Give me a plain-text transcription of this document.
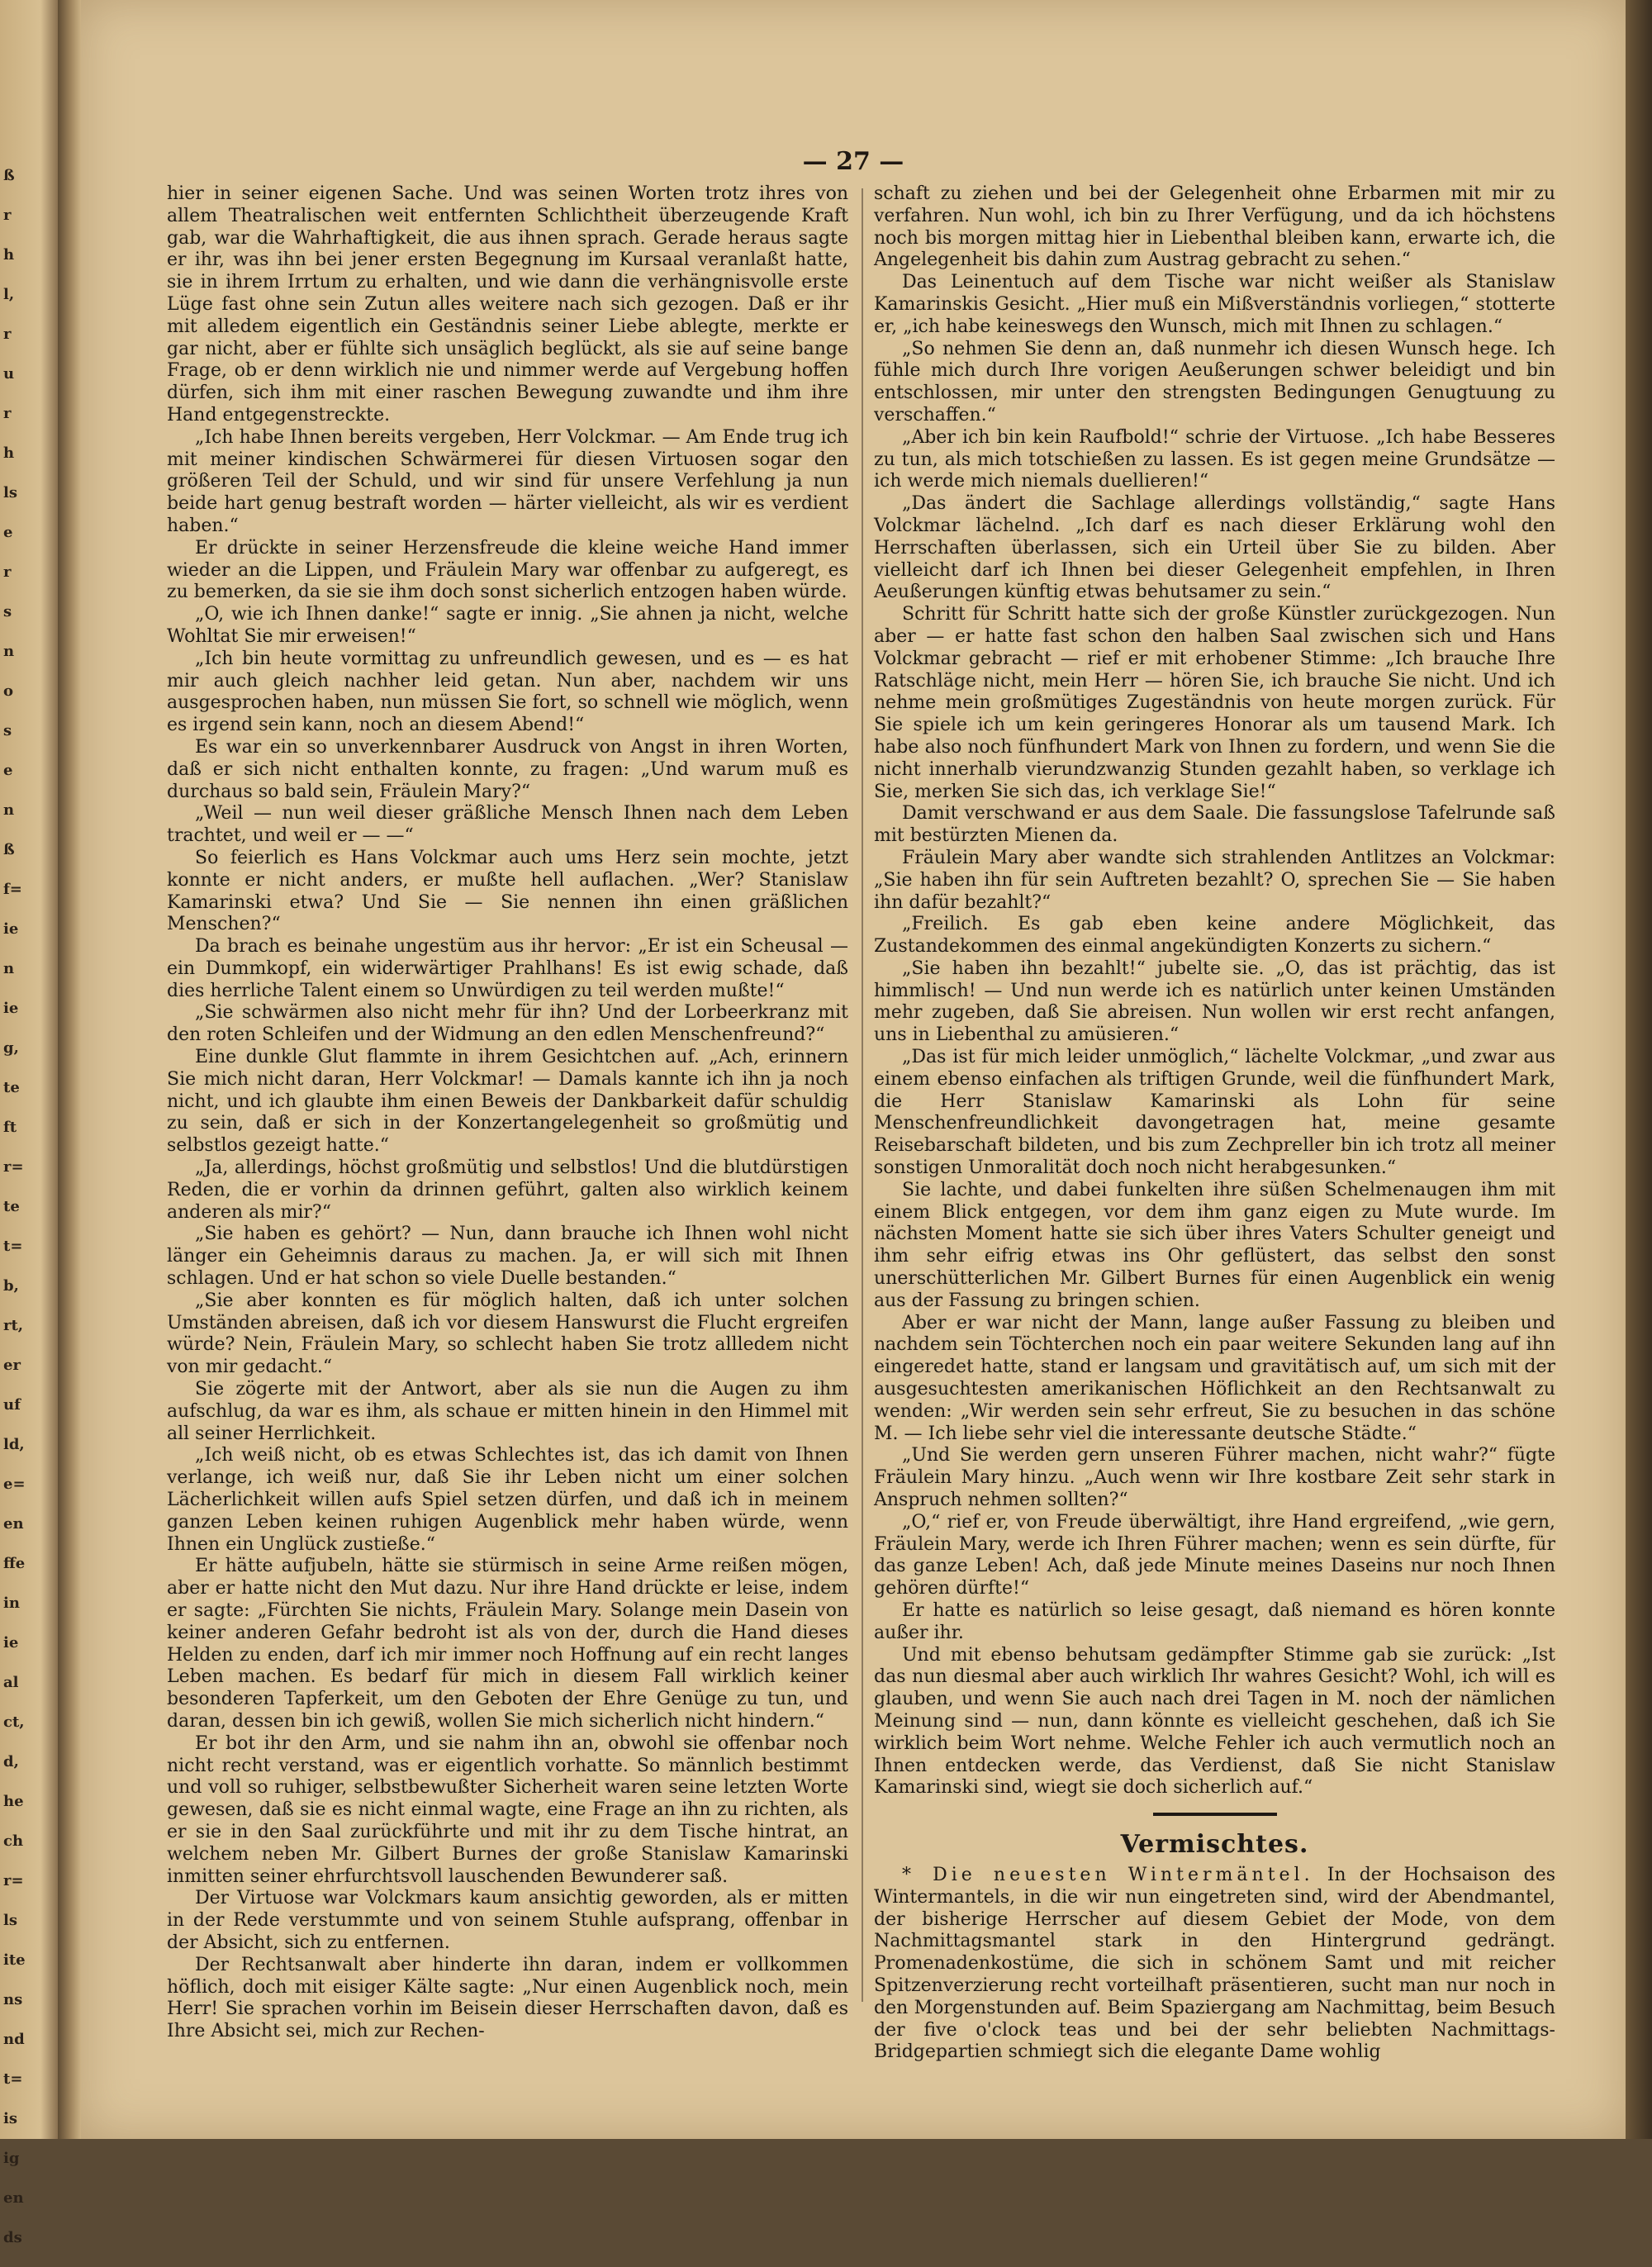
ß
r
h
l,
r
u
r
h
ls
e
r
s
n
o
s
e
n
ß
f=
ie
n
ie
g,
te
ft
r=
te
t=
b,
rt,
er
uf
ld,
e=
en
ffe
in
ie
al
ct,
d,
he
ch
r=
ls
ite
ns
nd
t=
is
ig
en
ds
— 27 —

hier in seiner eigenen Sache. Und was seinen Worten trotz ihres von allem Theatralischen weit entfernten Schlichtheit überzeugende Kraft gab, war die Wahrhaftigkeit, die aus ihnen sprach. Gerade heraus sagte er ihr, was ihn bei jener ersten Begegnung im Kursaal veranlaßt hatte, sie in ihrem Irrtum zu erhalten, und wie dann die verhängnisvolle erste Lüge fast ohne sein Zutun alles weitere nach sich gezogen. Daß er ihr mit alledem eigentlich ein Geständnis seiner Liebe ablegte, merkte er gar nicht, aber er fühlte sich unsäglich beglückt, als sie auf seine bange Frage, ob er denn wirklich nie und nimmer werde auf Vergebung hoffen dürfen, sich ihm mit einer raschen Bewegung zuwandte und ihm ihre Hand entgegenstreckte.

„Ich habe Ihnen bereits vergeben, Herr Volckmar. — Am Ende trug ich mit meiner kindischen Schwärmerei für diesen Virtuosen sogar den größeren Teil der Schuld, und wir sind für unsere Verfehlung ja nun beide hart genug bestraft worden — härter vielleicht, als wir es verdient haben.“

Er drückte in seiner Herzensfreude die kleine weiche Hand immer wieder an die Lippen, und Fräulein Mary war offenbar zu aufgeregt, es zu bemerken, da sie sie ihm doch sonst sicherlich entzogen haben würde.

„O, wie ich Ihnen danke!“ sagte er innig. „Sie ahnen ja nicht, welche Wohltat Sie mir erweisen!“

„Ich bin heute vormittag zu unfreundlich gewesen, und es — es hat mir auch gleich nachher leid getan. Nun aber, nachdem wir uns ausgesprochen haben, nun müssen Sie fort, so schnell wie möglich, wenn es irgend sein kann, noch an diesem Abend!“

Es war ein so unverkennbarer Ausdruck von Angst in ihren Worten, daß er sich nicht enthalten konnte, zu fragen: „Und warum muß es durchaus so bald sein, Fräulein Mary?“

„Weil — nun weil dieser gräßliche Mensch Ihnen nach dem Leben trachtet, und weil er — —“

So feierlich es Hans Volckmar auch ums Herz sein mochte, jetzt konnte er nicht anders, er mußte hell auflachen. „Wer? Stanislaw Kamarinski etwa? Und Sie — Sie nennen ihn einen gräßlichen Menschen?“

Da brach es beinahe ungestüm aus ihr hervor: „Er ist ein Scheusal — ein Dummkopf, ein widerwärtiger Prahlhans! Es ist ewig schade, daß dies herrliche Talent einem so Unwürdigen zu teil werden mußte!“

„Sie schwärmen also nicht mehr für ihn? Und der Lorbeerkranz mit den roten Schleifen und der Widmung an den edlen Menschenfreund?“

Eine dunkle Glut flammte in ihrem Gesichtchen auf. „Ach, erinnern Sie mich nicht daran, Herr Volckmar! — Damals kannte ich ihn ja noch nicht, und ich glaubte ihm einen Beweis der Dankbarkeit dafür schuldig zu sein, daß er sich in der Konzertangelegenheit so großmütig und selbstlos gezeigt hatte.“

„Ja, allerdings, höchst großmütig und selbstlos! Und die blutdürstigen Reden, die er vorhin da drinnen geführt, galten also wirklich keinem anderen als mir?“

„Sie haben es gehört? — Nun, dann brauche ich Ihnen wohl nicht länger ein Geheimnis daraus zu machen. Ja, er will sich mit Ihnen schlagen. Und er hat schon so viele Duelle bestanden.“

„Sie aber konnten es für möglich halten, daß ich unter solchen Umständen abreisen, daß ich vor diesem Hanswurst die Flucht ergreifen würde? Nein, Fräulein Mary, so schlecht haben Sie trotz allledem nicht von mir gedacht.“

Sie zögerte mit der Antwort, aber als sie nun die Augen zu ihm aufschlug, da war es ihm, als schaue er mitten hinein in den Himmel mit all seiner Herrlichkeit.

„Ich weiß nicht, ob es etwas Schlechtes ist, das ich damit von Ihnen verlange, ich weiß nur, daß Sie ihr Leben nicht um einer solchen Lächerlichkeit willen aufs Spiel setzen dürfen, und daß ich in meinem ganzen Leben keinen ruhigen Augenblick mehr haben würde, wenn Ihnen ein Unglück zustieße.“

Er hätte aufjubeln, hätte sie stürmisch in seine Arme reißen mögen, aber er hatte nicht den Mut dazu. Nur ihre Hand drückte er leise, indem er sagte: „Fürchten Sie nichts, Fräulein Mary. Solange mein Dasein von keiner anderen Gefahr bedroht ist als von der, durch die Hand dieses Helden zu enden, darf ich mir immer noch Hoffnung auf ein recht langes Leben machen. Es bedarf für mich in diesem Fall wirklich keiner besonderen Tapferkeit, um den Geboten der Ehre Genüge zu tun, und daran, dessen bin ich gewiß, wollen Sie mich sicherlich nicht hindern.“

Er bot ihr den Arm, und sie nahm ihn an, obwohl sie offenbar noch nicht recht verstand, was er eigentlich vorhatte. So männlich bestimmt und voll so ruhiger, selbstbewußter Sicherheit waren seine letzten Worte gewesen, daß sie es nicht einmal wagte, eine Frage an ihn zu richten, als er sie in den Saal zurückführte und mit ihr zu dem Tische hintrat, an welchem neben Mr. Gilbert Burnes der große Stanislaw Kamarinski inmitten seiner ehrfurchtsvoll lauschenden Bewunderer saß.

Der Virtuose war Volckmars kaum ansichtig geworden, als er mitten in der Rede verstummte und von seinem Stuhle aufsprang, offenbar in der Absicht, sich zu entfernen.

Der Rechtsanwalt aber hinderte ihn daran, indem er vollkommen höflich, doch mit eisiger Kälte sagte: „Nur einen Augenblick noch, mein Herr! Sie sprachen vorhin im Beisein dieser Herrschaften davon, daß es Ihre Absicht sei, mich zur Rechen-

schaft zu ziehen und bei der Gelegenheit ohne Erbarmen mit mir zu verfahren. Nun wohl, ich bin zu Ihrer Verfügung, und da ich höchstens noch bis morgen mittag hier in Liebenthal bleiben kann, erwarte ich, die Angelegenheit bis dahin zum Austrag gebracht zu sehen.“

Das Leinentuch auf dem Tische war nicht weißer als Stanislaw Kamarinskis Gesicht. „Hier muß ein Mißverständnis vorliegen,“ stotterte er, „ich habe keineswegs den Wunsch, mich mit Ihnen zu schlagen.“

„So nehmen Sie denn an, daß nunmehr ich diesen Wunsch hege. Ich fühle mich durch Ihre vorigen Aeußerungen schwer beleidigt und bin entschlossen, mir unter den strengsten Bedingungen Genugtuung zu verschaffen.“

„Aber ich bin kein Raufbold!“ schrie der Virtuose. „Ich habe Besseres zu tun, als mich totschießen zu lassen. Es ist gegen meine Grundsätze — ich werde mich niemals duellieren!“

„Das ändert die Sachlage allerdings vollständig,“ sagte Hans Volckmar lächelnd. „Ich darf es nach dieser Erklärung wohl den Herrschaften überlassen, sich ein Urteil über Sie zu bilden. Aber vielleicht darf ich Ihnen bei dieser Gelegenheit empfehlen, in Ihren Aeußerungen künftig etwas behutsamer zu sein.“

Schritt für Schritt hatte sich der große Künstler zurückgezogen. Nun aber — er hatte fast schon den halben Saal zwischen sich und Hans Volckmar gebracht — rief er mit erhobener Stimme: „Ich brauche Ihre Ratschläge nicht, mein Herr — hören Sie, ich brauche Sie nicht. Und ich nehme mein großmütiges Zugeständnis von heute morgen zurück. Für Sie spiele ich um kein geringeres Honorar als um tausend Mark. Ich habe also noch fünfhundert Mark von Ihnen zu fordern, und wenn Sie die nicht innerhalb vierundzwanzig Stunden gezahlt haben, so verklage ich Sie, merken Sie sich das, ich verklage Sie!“

Damit verschwand er aus dem Saale. Die fassungslose Tafelrunde saß mit bestürzten Mienen da.

Fräulein Mary aber wandte sich strahlenden Antlitzes an Volckmar: „Sie haben ihn für sein Auftreten bezahlt? O, sprechen Sie — Sie haben ihn dafür bezahlt?“

„Freilich. Es gab eben keine andere Möglichkeit, das Zustandekommen des einmal angekündigten Konzerts zu sichern.“

„Sie haben ihn bezahlt!“ jubelte sie. „O, das ist prächtig, das ist himmlisch! — Und nun werde ich es natürlich unter keinen Umständen mehr zugeben, daß Sie abreisen. Nun wollen wir erst recht anfangen, uns in Liebenthal zu amüsieren.“

„Das ist für mich leider unmöglich,“ lächelte Volckmar, „und zwar aus einem ebenso einfachen als triftigen Grunde, weil die fünfhundert Mark, die Herr Stanislaw Kamarinski als Lohn für seine Menschenfreundlichkeit davongetragen hat, meine gesamte Reisebarschaft bildeten, und bis zum Zechpreller bin ich trotz all meiner sonstigen Unmoralität doch noch nicht herabgesunken.“

Sie lachte, und dabei funkelten ihre süßen Schelmenaugen ihm mit einem Blick entgegen, vor dem ihm ganz eigen zu Mute wurde. Im nächsten Moment hatte sie sich über ihres Vaters Schulter geneigt und ihm sehr eifrig etwas ins Ohr geflüstert, das selbst den sonst unerschütterlichen Mr. Gilbert Burnes für einen Augenblick ein wenig aus der Fassung zu bringen schien.

Aber er war nicht der Mann, lange außer Fassung zu bleiben und nachdem sein Töchterchen noch ein paar weitere Sekunden lang auf ihn eingeredet hatte, stand er langsam und gravitätisch auf, um sich mit der ausgesuchtesten amerikanischen Höflichkeit an den Rechtsanwalt zu wenden: „Wir werden sein sehr erfreut, Sie zu besuchen in das schöne M. — Ich liebe sehr viel die interessante deutsche Städte.“

„Und Sie werden gern unseren Führer machen, nicht wahr?“ fügte Fräulein Mary hinzu. „Auch wenn wir Ihre kostbare Zeit sehr stark in Anspruch nehmen sollten?“

„O,“ rief er, von Freude überwältigt, ihre Hand ergreifend, „wie gern, Fräulein Mary, werde ich Ihren Führer machen; wenn es sein dürfte, für das ganze Leben! Ach, daß jede Minute meines Daseins nur noch Ihnen gehören dürfte!“

Er hatte es natürlich so leise gesagt, daß niemand es hören konnte außer ihr.

Und mit ebenso behutsam gedämpfter Stimme gab sie zurück: „Ist das nun diesmal aber auch wirklich Ihr wahres Gesicht? Wohl, ich will es glauben, und wenn Sie auch nach drei Tagen in M. noch der nämlichen Meinung sind — nun, dann könnte es vielleicht geschehen, daß ich Sie wirklich beim Wort nehme. Welche Fehler ich auch vermutlich noch an Ihnen entdecken werde, das Verdienst, daß Sie nicht Stanislaw Kamarinski sind, wiegt sie doch sicherlich auf.“

Vermischtes.

* Die neuesten Wintermäntel. In der Hochsaison des Wintermantels, in die wir nun eingetreten sind, wird der Abendmantel, der bisherige Herrscher auf diesem Gebiet der Mode, von dem Nachmittagsmantel stark in den Hintergrund gedrängt. Promenadenkostüme, die sich in schönem Samt und mit reicher Spitzenverzierung recht vorteilhaft präsentieren, sucht man nur noch in den Morgenstunden auf. Beim Spaziergang am Nachmittag, beim Besuch der five o'clock teas und bei der sehr beliebten Nachmittags-Bridgepartien schmiegt sich die elegante Dame wohlig
